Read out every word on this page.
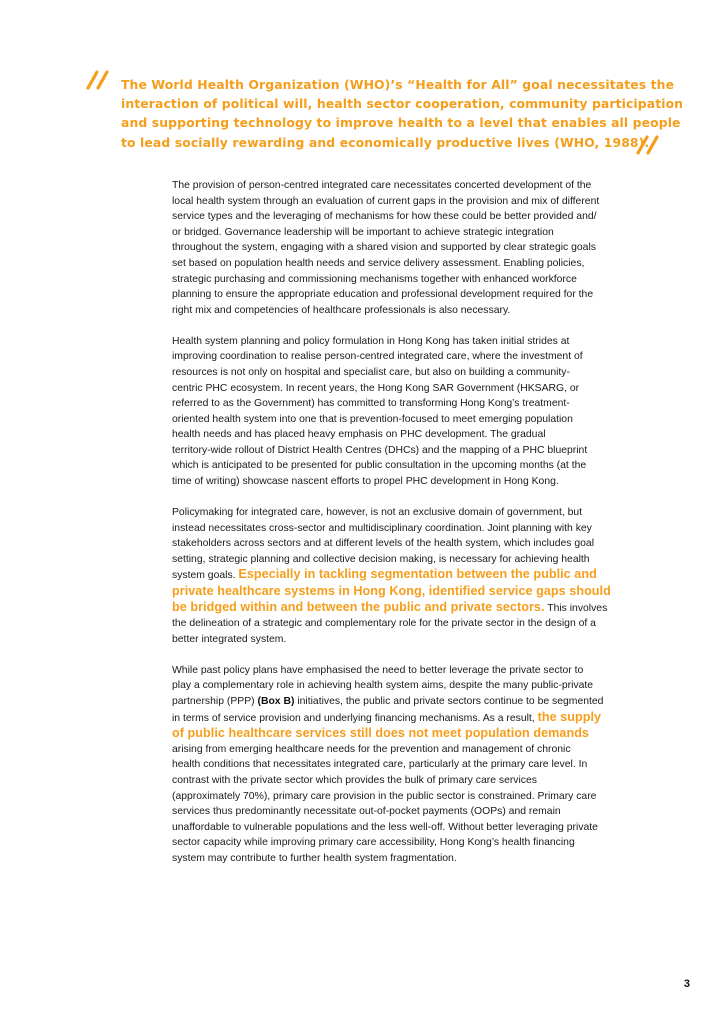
The World Health Organization (WHO)’s “Health for All” goal necessitates the
interaction of political will, health sector cooperation, community participation
and supporting technology to improve health to a level that enables all people
to lead socially rewarding and economically productive lives (WHO, 1988).

The provision of person-centred integrated care necessitates concerted development of the
local health system through an evaluation of current gaps in the provision and mix of different
service types and the leveraging of mechanisms for how these could be better provided and/
or bridged. Governance leadership will be important to achieve strategic integration
throughout the system, engaging with a shared vision and supported by clear strategic goals
set based on population health needs and service delivery assessment. Enabling policies,
strategic purchasing and commissioning mechanisms together with enhanced workforce
planning to ensure the appropriate education and professional development required for the
right mix and competencies of healthcare professionals is also necessary.

Health system planning and policy formulation in Hong Kong has taken initial strides at
improving coordination to realise person-centred integrated care, where the investment of
resources is not only on hospital and specialist care, but also on building a community-
centric PHC ecosystem. In recent years, the Hong Kong SAR Government (HKSARG, or
referred to as the Government) has committed to transforming Hong Kong’s treatment-
oriented health system into one that is prevention-focused to meet emerging population
health needs and has placed heavy emphasis on PHC development. The gradual
territory-wide rollout of District Health Centres (DHCs) and the mapping of a PHC blueprint
which is anticipated to be presented for public consultation in the upcoming months (at the
time of writing) showcase nascent efforts to propel PHC development in Hong Kong.

Policymaking for integrated care, however, is not an exclusive domain of government, but
instead necessitates cross-sector and multidisciplinary coordination. Joint planning with key
stakeholders across sectors and at different levels of the health system, which includes goal
setting, strategic planning and collective decision making, is necessary for achieving health
system goals. Especially in tackling segmentation between the public and
private healthcare systems in Hong Kong, identified service gaps should
be bridged within and between the public and private sectors. This involves
the delineation of a strategic and complementary role for the private sector in the design of a
better integrated system.

While past policy plans have emphasised the need to better leverage the private sector to
play a complementary role in achieving health system aims, despite the many public-private
partnership (PPP) (Box B) initiatives, the public and private sectors continue to be segmented
in terms of service provision and underlying financing mechanisms. As a result, the supply
of public healthcare services still does not meet population demands
arising from emerging healthcare needs for the prevention and management of chronic
health conditions that necessitates integrated care, particularly at the primary care level. In
contrast with the private sector which provides the bulk of primary care services
(approximately 70%), primary care provision in the public sector is constrained. Primary care
services thus predominantly necessitate out-of-pocket payments (OOPs) and remain
unaffordable to vulnerable populations and the less well-off. Without better leveraging private
sector capacity while improving primary care accessibility, Hong Kong’s health financing
system may contribute to further health system fragmentation.

3
